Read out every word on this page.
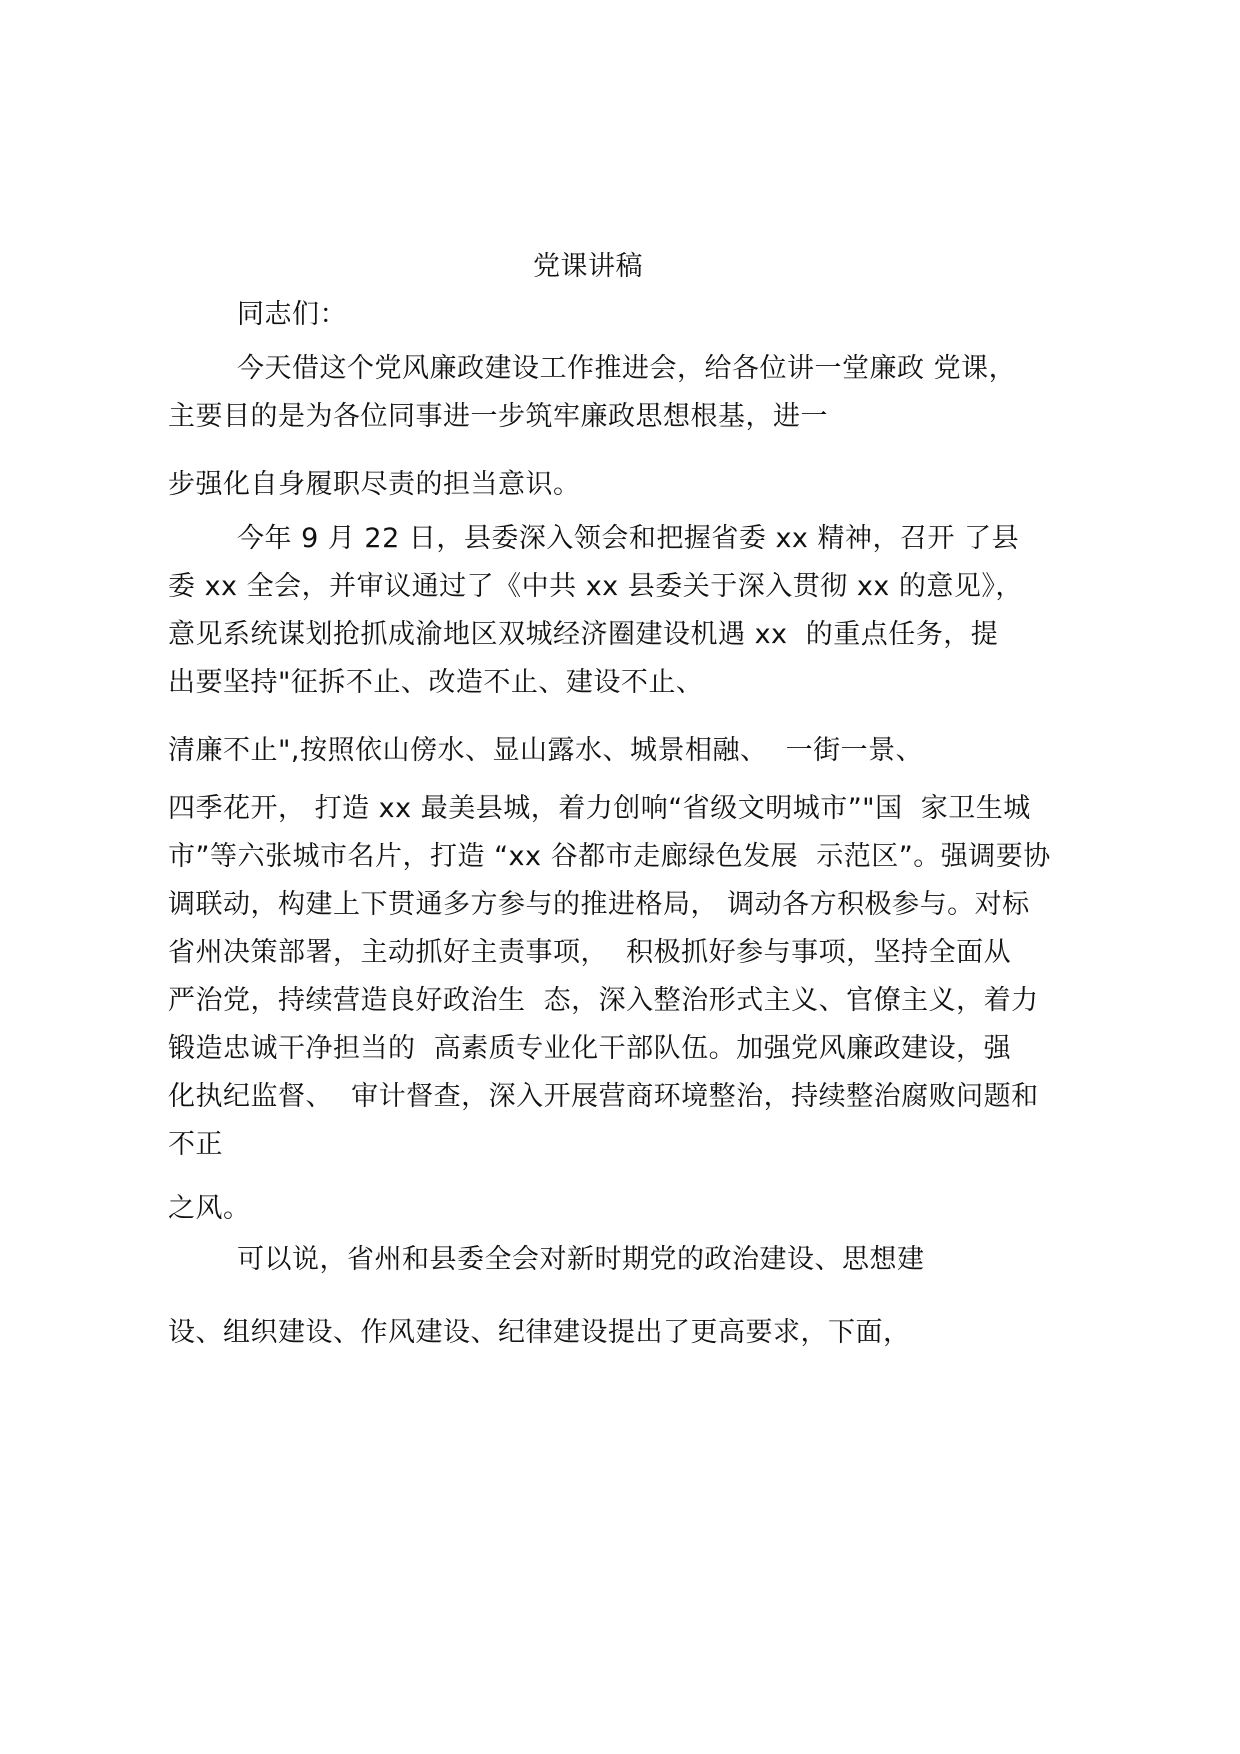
党课讲稿
同志们：
今天借这个党风廉政建设工作推进会，给各位讲一堂廉政 党课，
主要目的是为各位同事进一步筑牢廉政思想根基，进一
步强化自身履职尽责的担当意识。
今年 9 月 22 日，县委深入领会和把握省委 xx 精神，召开 了县
委 xx 全会，并审议通过了《中共 xx 县委关于深入贯彻 xx 的意见》，
意见系统谋划抢抓成渝地区双城经济圈建设机遇 xx  的重点任务，提
出要坚持"征拆不止、改造不止、建设不止、
清廉不止",按照依山傍水、显山露水、城景相融、  一街一景、
四季花开， 打造 xx 最美县城，着力创响“省级文明城市”"国  家卫生城
市”等六张城市名片，打造 “xx 谷都市走廊绿色发展  示范区”。强调要协
调联动，构建上下贯通多方参与的推进格局， 调动各方积极参与。对标
省州决策部署，主动抓好主责事项，  积极抓好参与事项，坚持全面从
严治党，持续营造良好政治生  态，深入整治形式主义、官僚主义，着力
锻造忠诚干净担当的  高素质专业化干部队伍。加强党风廉政建设，强
化执纪监督、  审计督查，深入开展营商环境整治，持续整治腐败问题和
不正
之风。
可以说，省州和县委全会对新时期党的政治建设、思想建
设、组织建设、作风建设、纪律建设提出了更高要求，下面，
